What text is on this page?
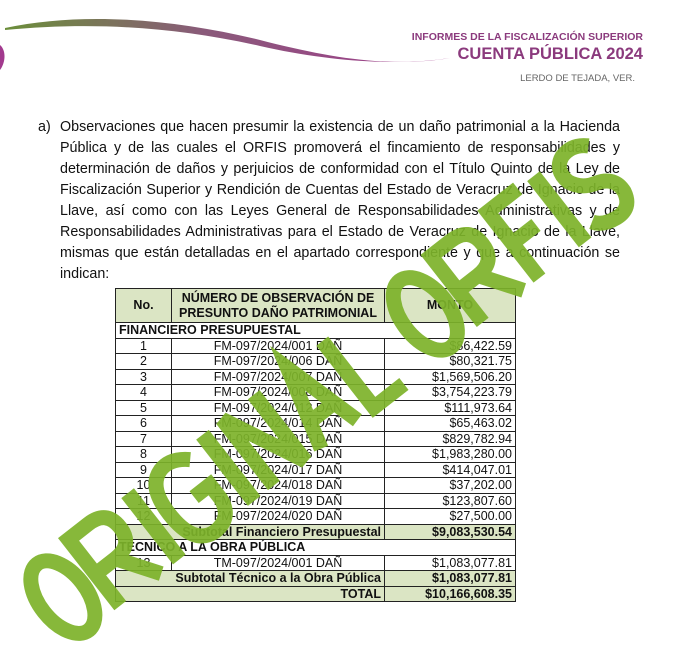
INFORMES DE LA FISCALIZACIÓN SUPERIOR
CUENTA PÚBLICA 2024
LERDO DE TEJADA, VER.
a) Observaciones que hacen presumir la existencia de un daño patrimonial a la Hacienda Pública y de las cuales el ORFIS promoverá el fincamiento de responsabilidades y determinación de daños y perjuicios de conformidad con el Título Quinto de la Ley de Fiscalización Superior y Rendición de Cuentas del Estado de Veracruz de Ignacio de la Llave, así como con las Leyes General de Responsabilidades Administrativas y de Responsabilidades Administrativas para el Estado de Veracruz de Ignacio de la Llave, mismas que están detalladas en el apartado correspondiente y que a continuación se indican:
No.	NÚMERO DE OBSERVACIÓN DE PRESUNTO DAÑO PATRIMONIAL	MONTO
FINANCIERO PRESUPUESTAL		
1	FM-097/2024/001 DAÑ	$86,422.59
2	FM-097/2024/006 DAÑ	$80,321.75
3	FM-097/2024/007 DAÑ	$1,569,506.20
4	FM-097/2024/008 DAÑ	$3,754,223.79
5	FM-097/2024/012 DAÑ	$111,973.64
6	FM-097/2024/014 DAÑ	$65,463.02
7	FM-097/2024/015 DAÑ	$829,782.94
8	FM-097/2024/016 DAÑ	$1,983,280.00
9	FM-097/2024/017 DAÑ	$414,047.01
10	FM-097/2024/018 DAÑ	$37,202.00
11	FM-097/2024/019 DAÑ	$123,807.60
12	FM-097/2024/020 DAÑ	$27,500.00
Subtotal Financiero Presupuestal		$9,083,530.54
TÉCNICO A LA OBRA PÚBLICA		
13	TM-097/2024/001 DAÑ	$1,083,077.81
Subtotal Técnico a la Obra Pública		$1,083,077.81
TOTAL		$10,166,608.35
